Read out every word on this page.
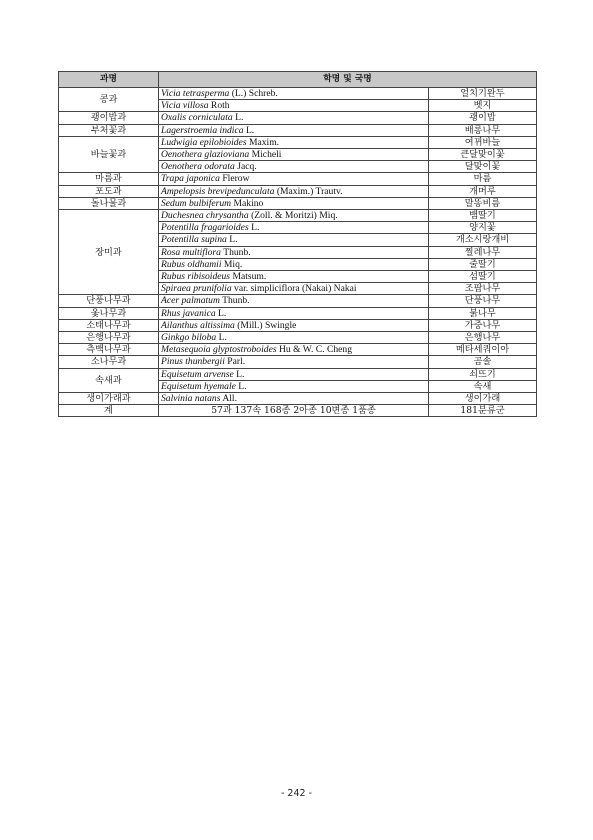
과명	학명 및 국명	
콩과	Vicia tetrasperma (L.) Schreb.	얼치기완두
	Vicia villosa Roth	벳지
괭이밥과	Oxalis corniculata L.	괭이밥
부처꽃과	Lagerstroemia indica L.	배롱나무
바늘꽃과	Ludwigia epilobioides Maxim.	여뀌바늘
	Oenothera glazioviana Micheli	큰달맞이꽃
	Oenothera odorata Jacq.	달맞이꽃
마름과	Trapa japonica Flerow	마름
포도과	Ampelopsis brevipedunculata (Maxim.) Trautv.	개머루
돌나물과	Sedum bulbiferum Makino	말똥비름
장미과	Duchesnea chrysantha (Zoll. & Moritzi) Miq.	뱀딸기
	Potentilla fragarioides L.	양지꽃
	Potentilla supina L.	개소시랑개비
	Rosa multiflora Thunb.	찔레나무
	Rubus oldhamii Miq.	줄딸기
	Rubus ribisoideus Matsum.	섬딸기
	Spiraea prunifolia var. simpliciflora (Nakai) Nakai	조팝나무
단풍나무과	Acer palmatum Thunb.	단풍나무
옻나무과	Rhus javanica L.	붉나무
소태나무과	Ailanthus altissima (Mill.) Swingle	가중나무
은행나무과	Ginkgo biloba L.	은행나무
측백나무과	Metasequoia glyptostroboides Hu & W. C. Cheng	메타세쿼이아
소나무과	Pinus thunbergii Parl.	곰솔
속새과	Equisetum arvense L.	쇠뜨기
	Equisetum hyemale L.	속새
생이가래과	Salvinia natans All.	생이가래
계	57과 137속 168종 2아종 10변종 1품종	181분류군
- 242 -
